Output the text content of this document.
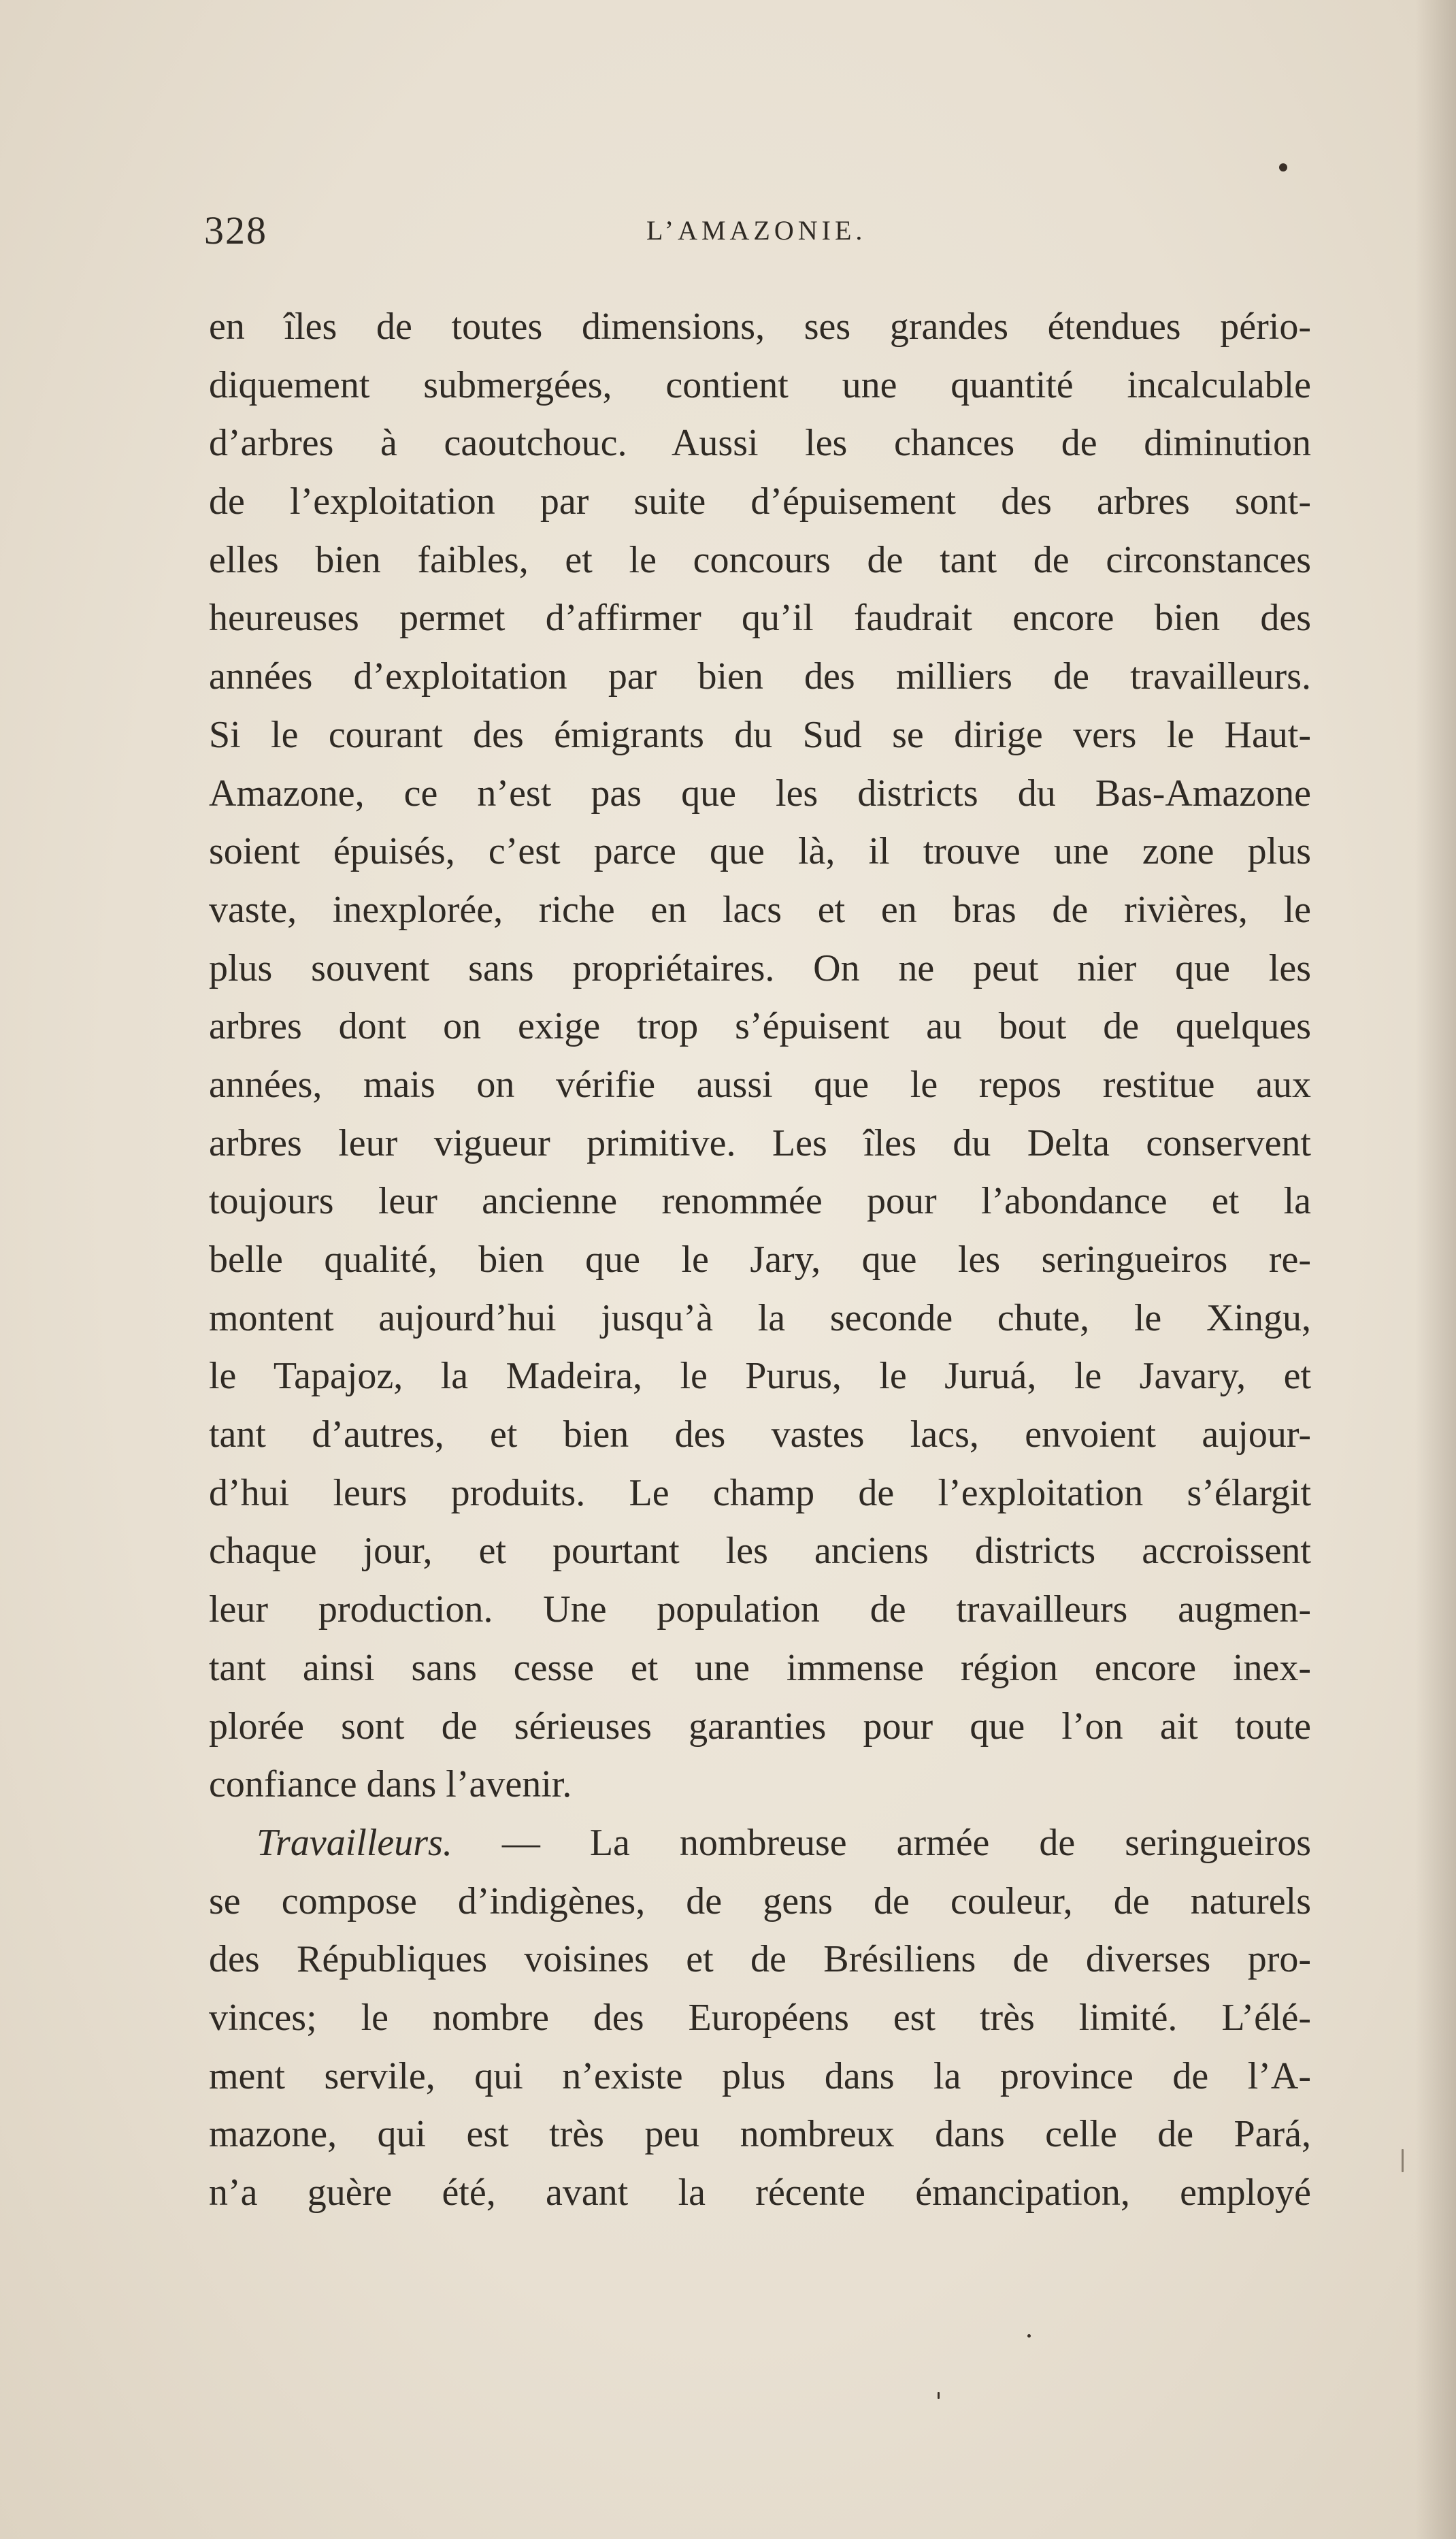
328	L’AMAZONIE.
en îles de toutes dimensions, ses grandes étendues pério-
diquement submergées, contient une quantité incalculable
d’arbres à caoutchouc. Aussi les chances de diminution
de l’exploitation par suite d’épuisement des arbres sont-
elles bien faibles, et le concours de tant de circonstances
heureuses permet d’affirmer qu’il faudrait encore bien des
années d’exploitation par bien des milliers de travailleurs.
Si le courant des émigrants du Sud se dirige vers le Haut-
Amazone, ce n’est pas que les districts du Bas-Amazone
soient épuisés, c’est parce que là, il trouve une zone plus
vaste, inexplorée, riche en lacs et en bras de rivières, le
plus souvent sans propriétaires. On ne peut nier que les
arbres dont on exige trop s’épuisent au bout de quelques
années, mais on vérifie aussi que le repos restitue aux
arbres leur vigueur primitive. Les îles du Delta conservent
toujours leur ancienne renommée pour l’abondance et la
belle qualité, bien que le Jary, que les seringueiros re-
montent aujourd’hui jusqu’à la seconde chute, le Xingu,
le Tapajoz, la Madeira, le Purus, le Juruá, le Javary, et
tant d’autres, et bien des vastes lacs, envoient aujour-
d’hui leurs produits. Le champ de l’exploitation s’élargit
chaque jour, et pourtant les anciens districts accroissent
leur production. Une population de travailleurs augmen-
tant ainsi sans cesse et une immense région encore inex-
plorée sont de sérieuses garanties pour que l’on ait toute
confiance dans l’avenir.
Travailleurs. — La nombreuse armée de seringueiros
se compose d’indigènes, de gens de couleur, de naturels
des Républiques voisines et de Brésiliens de diverses pro-
vinces; le nombre des Européens est très limité. L’élé-
ment servile, qui n’existe plus dans la province de l’A-
mazone, qui est très peu nombreux dans celle de Pará,
n’a guère été, avant la récente émancipation, employé
